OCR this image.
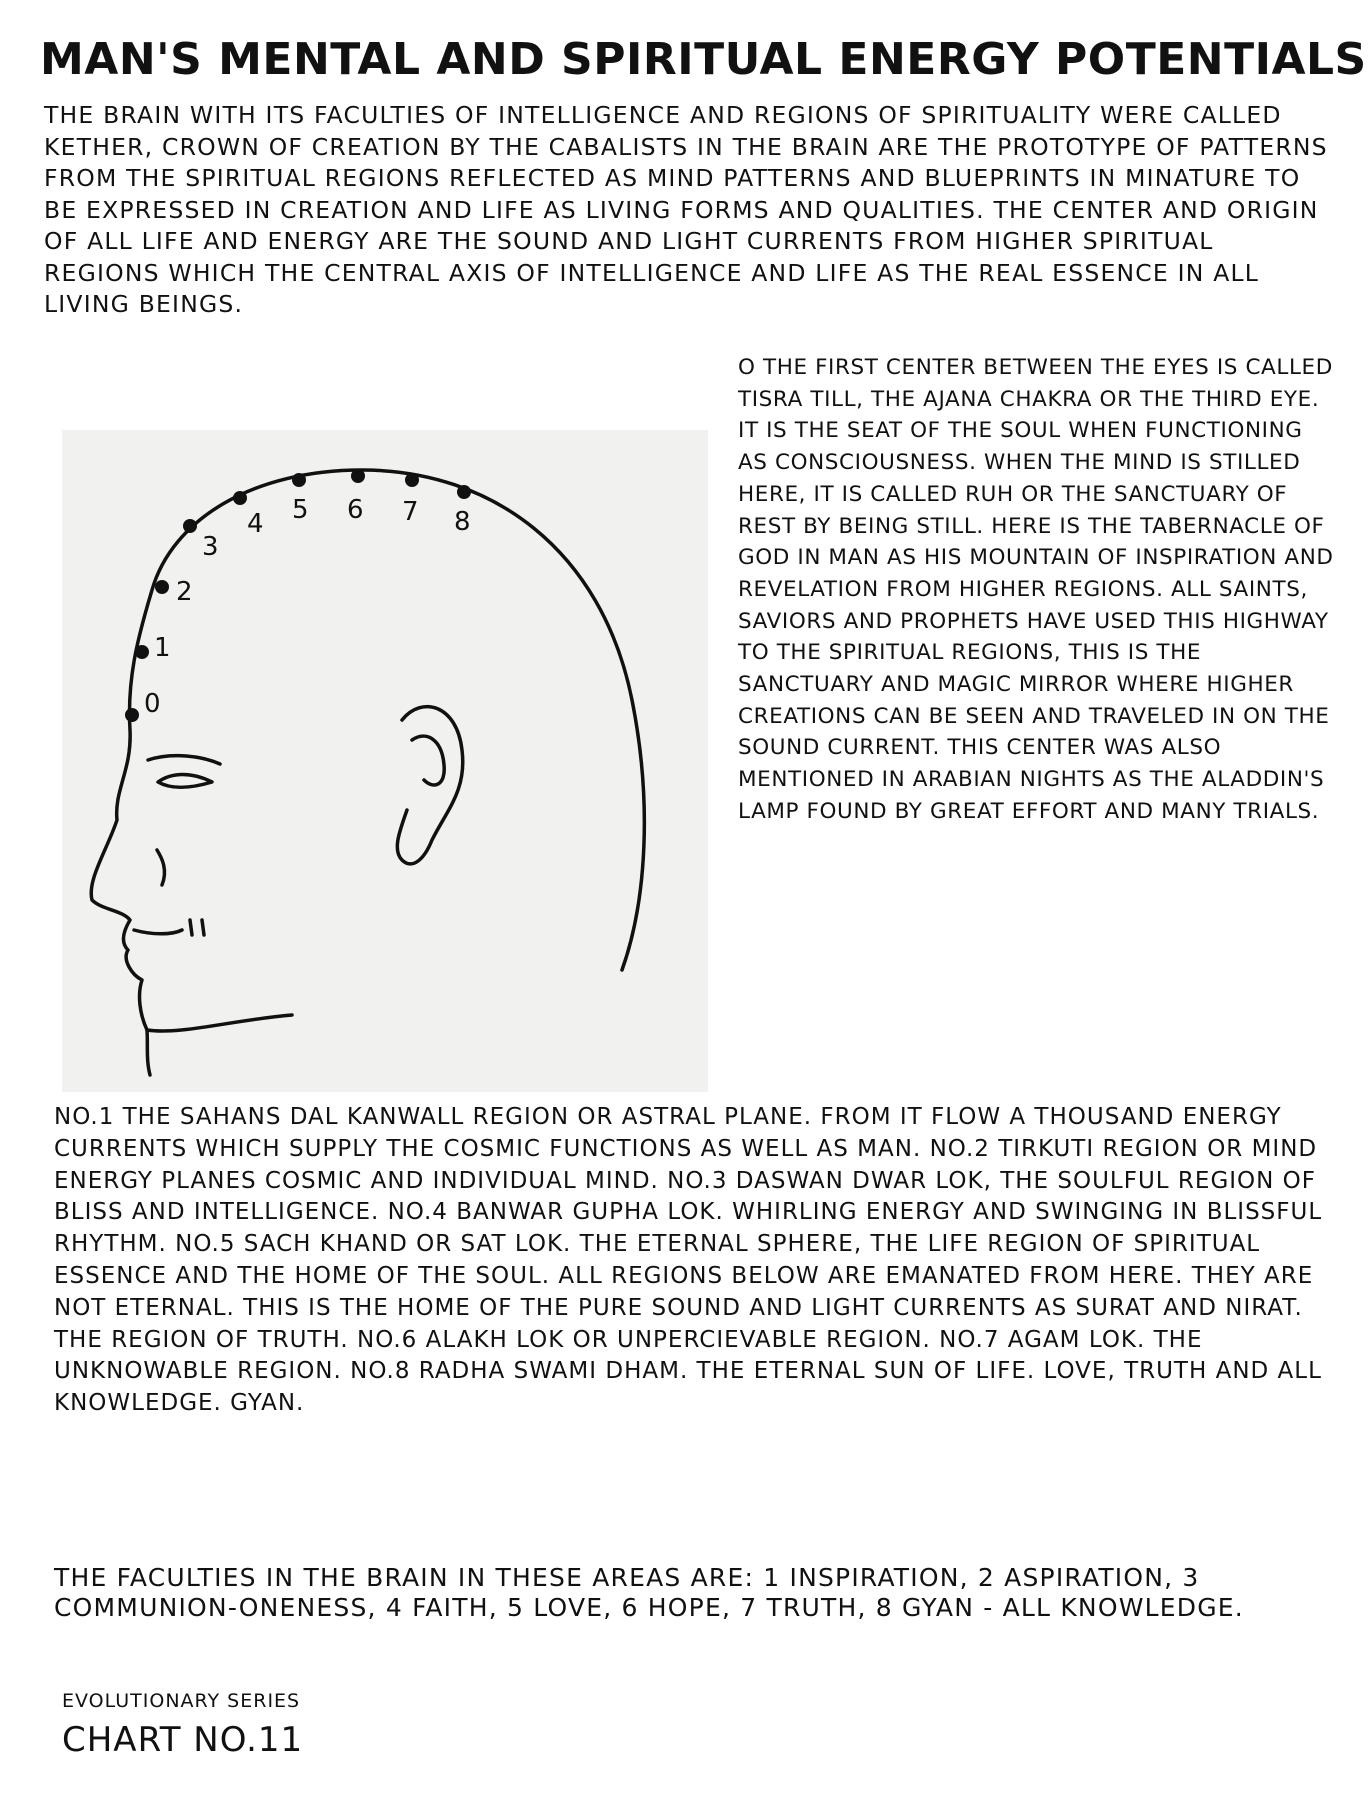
MAN'S MENTAL AND SPIRITUAL ENERGY POTENTIALS

THE BRAIN WITH ITS FACULTIES OF INTELLIGENCE AND REGIONS OF SPIRITUALITY WERE CALLED KETHER, CROWN OF CREATION BY THE CABALISTS IN THE BRAIN ARE THE PROTOTYPE OF PATTERNS FROM THE SPIRITUAL REGIONS REFLECTED AS MIND PATTERNS AND BLUEPRINTS IN MINATURE TO BE EXPRESSED IN CREATION AND LIFE AS LIVING FORMS AND QUALITIES. THE CENTER AND ORIGIN OF ALL LIFE AND ENERGY ARE THE SOUND AND LIGHT CURRENTS FROM HIGHER SPIRITUAL REGIONS WHICH THE CENTRAL AXIS OF INTELLIGENCE AND LIFE AS THE REAL ESSENCE IN ALL LIVING BEINGS.

0
1
2
3
4 5 6 7 8

O THE FIRST CENTER BETWEEN THE EYES IS CALLED TISRA TILL, THE AJANA CHAKRA OR THE THIRD EYE. IT IS THE SEAT OF THE SOUL WHEN FUNCTIONING AS CONSCIOUSNESS. WHEN THE MIND IS STILLED HERE, IT IS CALLED RUH OR THE SANCTUARY OF REST BY BEING STILL. HERE IS THE TABERNACLE OF GOD IN MAN AS HIS MOUNTAIN OF INSPIRATION AND REVELATION FROM HIGHER REGIONS. ALL SAINTS, SAVIORS AND PROPHETS HAVE USED THIS HIGHWAY TO THE SPIRITUAL REGIONS, THIS IS THE SANCTUARY AND MAGIC MIRROR WHERE HIGHER CREATIONS CAN BE SEEN AND TRAVELED IN ON THE SOUND CURRENT. THIS CENTER WAS ALSO MENTIONED IN ARABIAN NIGHTS AS THE ALADDIN'S LAMP FOUND BY GREAT EFFORT AND MANY TRIALS.

NO.1 THE SAHANS DAL KANWALL REGION OR ASTRAL PLANE. FROM IT FLOW A THOUSAND ENERGY CURRENTS WHICH SUPPLY THE COSMIC FUNCTIONS AS WELL AS MAN. NO.2 TIRKUTI REGION OR MIND ENERGY PLANES COSMIC AND INDIVIDUAL MIND. NO.3 DASWAN DWAR LOK, THE SOULFUL REGION OF BLISS AND INTELLIGENCE. NO.4 BANWAR GUPHA LOK. WHIRLING ENERGY AND SWINGING IN BLISSFUL RHYTHM. NO.5 SACH KHAND OR SAT LOK. THE ETERNAL SPHERE, THE LIFE REGION OF SPIRITUAL ESSENCE AND THE HOME OF THE SOUL. ALL REGIONS BELOW ARE EMANATED FROM HERE. THEY ARE NOT ETERNAL. THIS IS THE HOME OF THE PURE SOUND AND LIGHT CURRENTS AS SURAT AND NIRAT. THE REGION OF TRUTH. NO.6 ALAKH LOK OR UNPERCIEVABLE REGION. NO.7 AGAM LOK. THE UNKNOWABLE REGION. NO.8 RADHA SWAMI DHAM. THE ETERNAL SUN OF LIFE. LOVE, TRUTH AND ALL KNOWLEDGE. GYAN.

THE FACULTIES IN THE BRAIN IN THESE AREAS ARE: 1 INSPIRATION, 2 ASPIRATION, 3 COMMUNION-ONENESS, 4 FAITH, 5 LOVE, 6 HOPE, 7 TRUTH, 8 GYAN - ALL KNOWLEDGE.

EVOLUTIONARY SERIES
CHART NO.11
